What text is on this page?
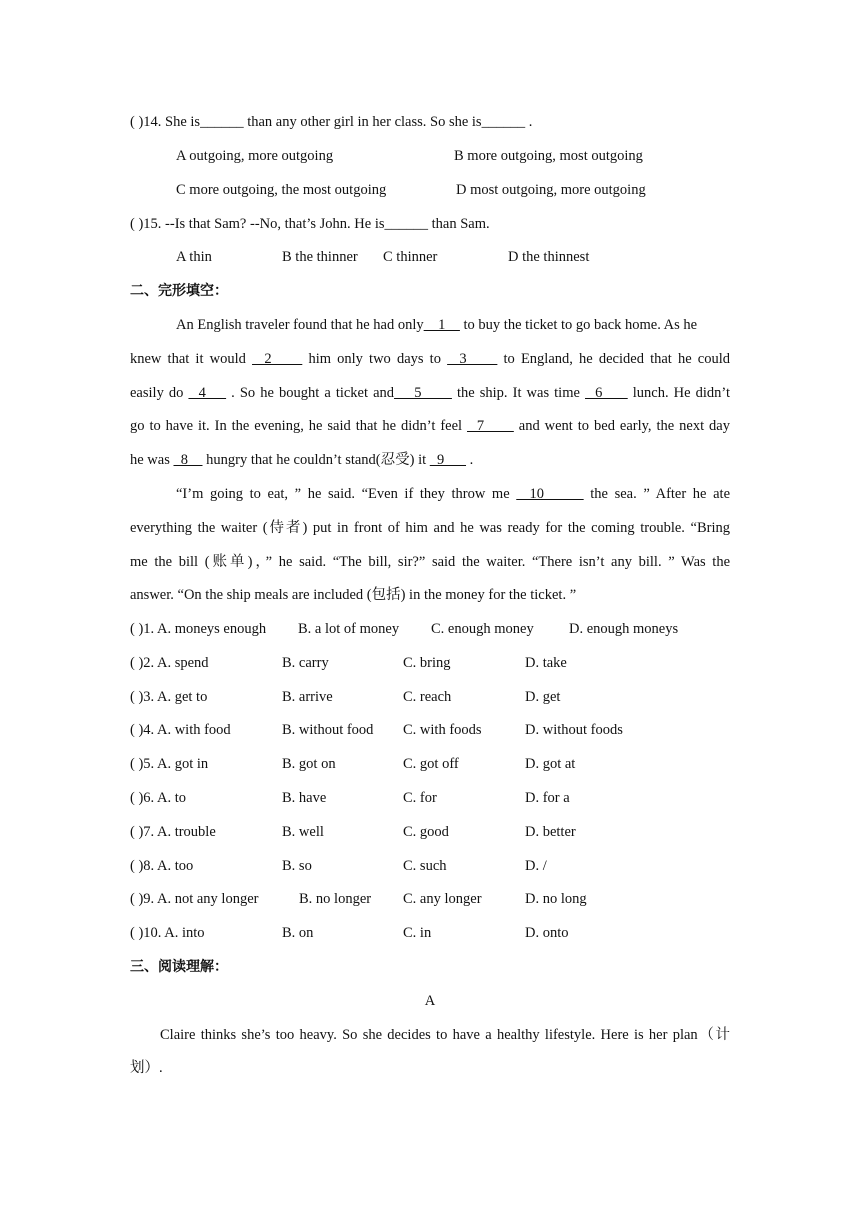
( )14. She is______ than any other girl in her class. So she is______ .
A outgoing, more outgoing	B more outgoing, most outgoing
C more outgoing, the most outgoing	D most outgoing, more outgoing
( )15. --Is that Sam? --No, that’s John. He is______ than Sam.
A thin	B the thinner C thinner	D the thinnest
二、完形填空：
An English traveler found that he had only    1     to buy the ticket to go back home. As he
knew that it would   2      him only two days to   3      to England, he decided that he could
easily do   4     . So he bought a ticket and    5       the ship. It was time   6      lunch. He didn’t
go to have it. In the evening, he said that he didn’t feel   7       and went to bed early, the next day
he was   8     hungry that he couldn’t stand(忍受) it   9       .
“I’m going to eat, ” he said. “Even if they throw me   10       the sea. ” After he ate
everything the waiter (侍者) put in front of him and he was ready for the coming trouble. “Bring
me the bill (账单)，” he said. “The bill, sir?” said the waiter. “There isn’t any bill. ” Was the
answer. “On the ship meals are included (包括) in the money for the ticket. ”
( )1. A. moneys enough B. a lot of money C. enough money D. enough moneys
( )2. A. spend	B. carry	C. bring	D. take
( )3. A. get to	B. arrive	C. reach	D. get
( )4. A. with food	B. without food C. with foods	D. without foods
( )5. A. got in	B. got on	C. got off	D. got at
( )6. A. to	B. have	C. for	D. for a
( )7. A. trouble	B. well	C. good	D. better
( )8. A. too	B. so	C. such	D. /
( )9. A. not any longer	B. no longer C. any longer	D. no long
( )10. A. into	B. on	C. in	D. onto
三、阅读理解：
A
Claire thinks she’s too heavy. So she decides to have a healthy lifestyle. Here is her plan（计
划）.
